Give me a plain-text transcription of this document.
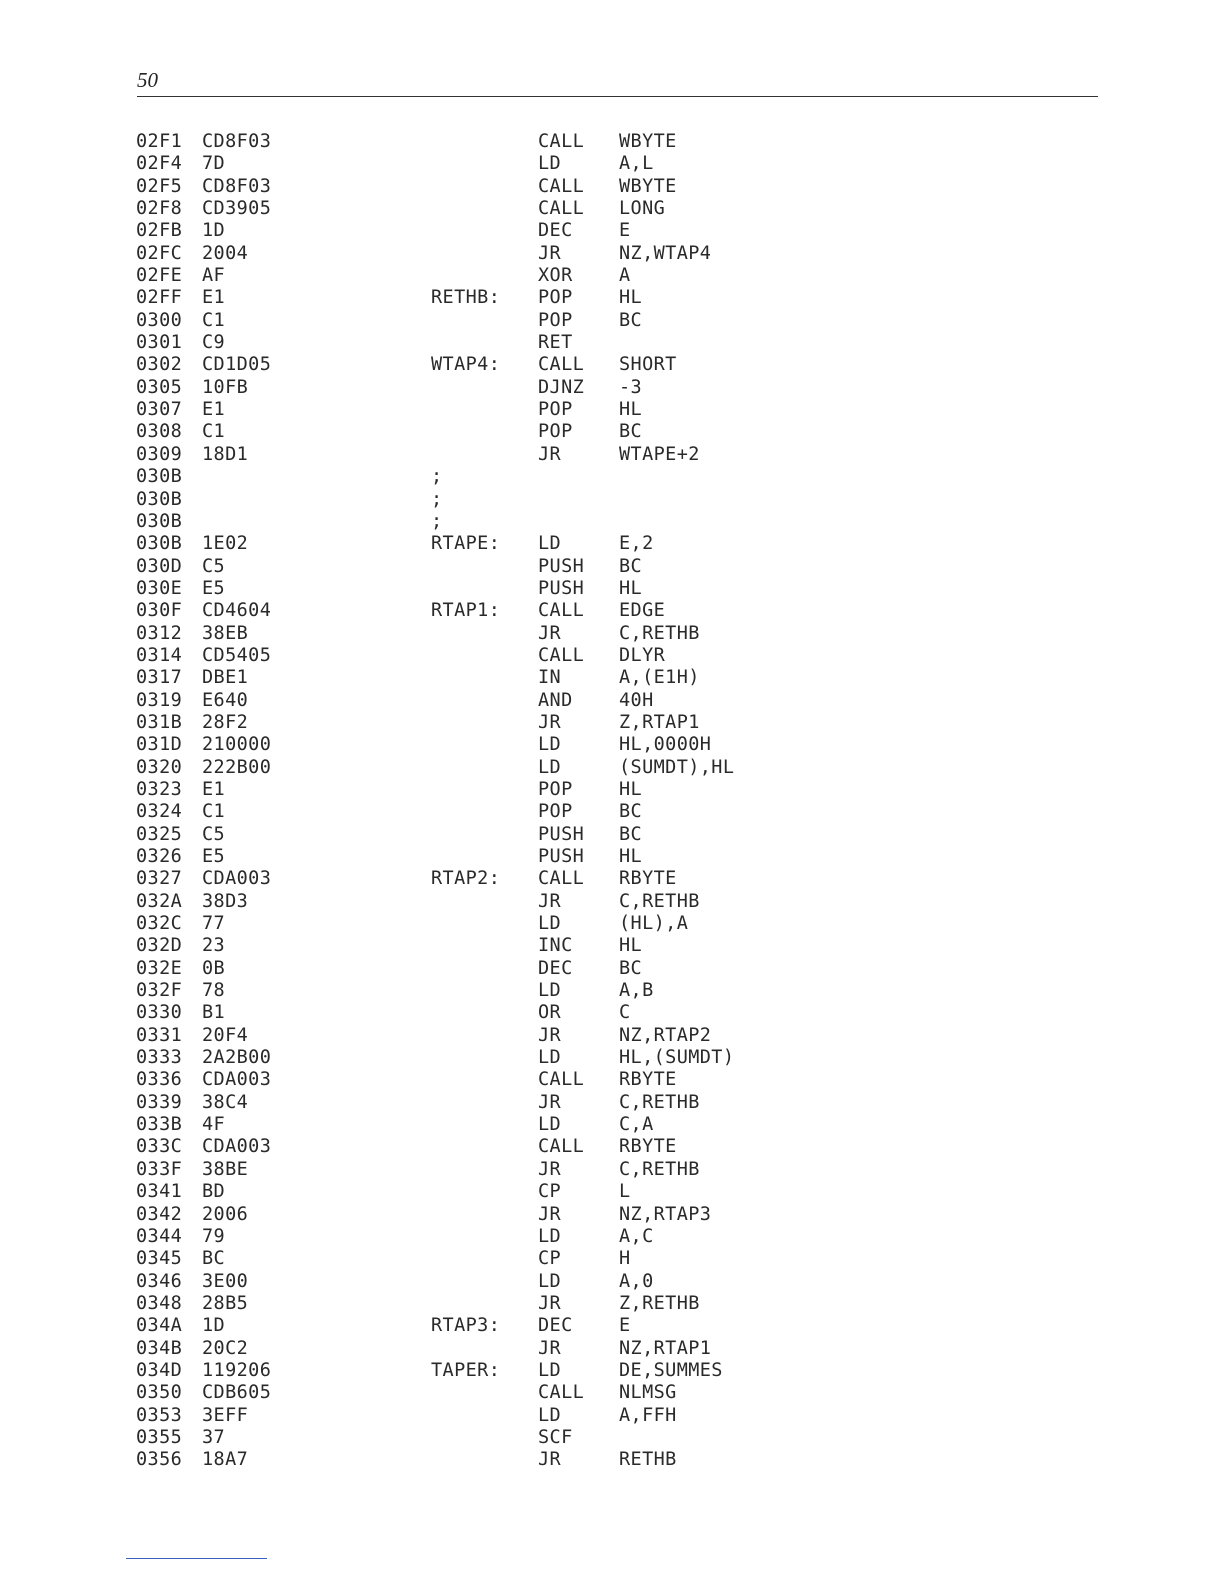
50
02F1 CD8F03	CALL WBYTE
02F4 7D	LD	A,L
02F5 CD8F03	CALL WBYTE
02F8 CD3905	CALL LONG
02FB 1D	DEC	E
02FC 2004	JR	NZ,WTAP4
02FE AF	XOR	A
02FF E1	RETHB: POP	HL
0300 C1	POP	BC
0301 C9	RET
0302 CD1D05	WTAP4: CALL SHORT
0305 10FB	DJNZ -3
0307 E1	POP	HL
0308 C1	POP	BC
0309 18D1	JR	WTAPE+2
030B	;
030B	;
030B	;
030B 1E02	RTAPE: LD	E,2
030D C5	PUSH BC
030E E5	PUSH HL
030F CD4604	RTAP1: CALL EDGE
0312 38EB	JR	C,RETHB
0314 CD5405	CALL DLYR
0317 DBE1	IN	A,(E1H)
0319 E640	AND	40H
031B 28F2	JR	Z,RTAP1
031D 210000	LD	HL,0000H
0320 222B00	LD	(SUMDT),HL
0323 E1	POP	HL
0324 C1	POP	BC
0325 C5	PUSH BC
0326 E5	PUSH HL
0327 CDA003	RTAP2: CALL RBYTE
032A 38D3	JR	C,RETHB
032C 77	LD	(HL),A
032D 23	INC	HL
032E 0B	DEC	BC
032F 78	LD	A,B
0330 B1	OR	C
0331 20F4	JR	NZ,RTAP2
0333 2A2B00	LD	HL,(SUMDT)
0336 CDA003	CALL RBYTE
0339 38C4	JR	C,RETHB
033B 4F	LD	C,A
033C CDA003	CALL RBYTE
033F 38BE	JR	C,RETHB
0341 BD	CP	L
0342 2006	JR	NZ,RTAP3
0344 79	LD	A,C
0345 BC	CP	H
0346 3E00	LD	A,0
0348 28B5	JR	Z,RETHB
034A 1D	RTAP3: DEC	E
034B 20C2	JR	NZ,RTAP1
034D 119206	TAPER: LD	DE,SUMMES
0350 CDB605	CALL NLMSG
0353 3EFF	LD	A,FFH
0355 37	SCF
0356 18A7	JR	RETHB
